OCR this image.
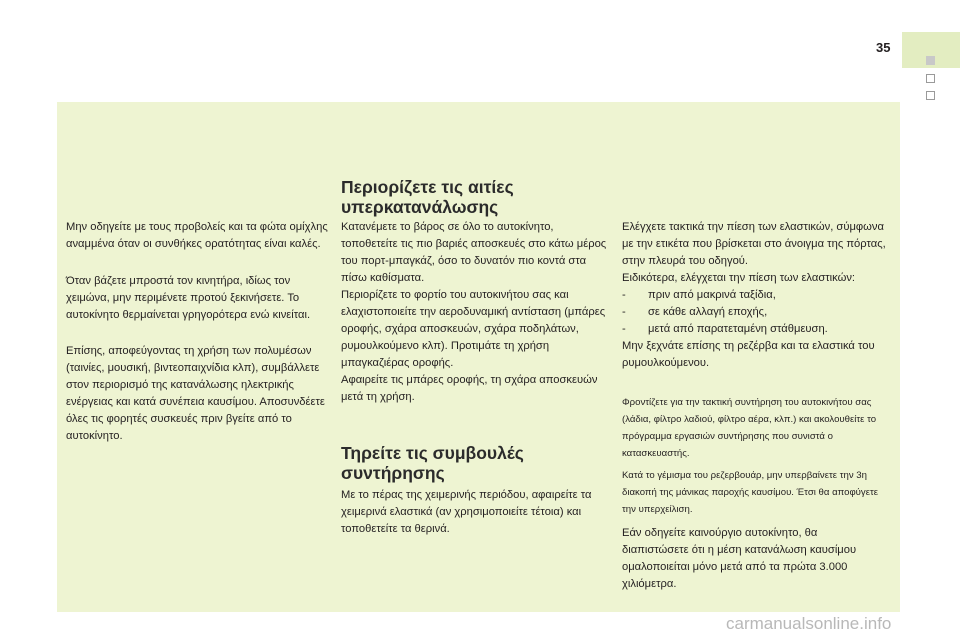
35

Μην οδηγείτε με τους προβολείς και τα φώτα ομίχλης αναμμένα όταν οι συνθήκες ορατότητας είναι καλές.

Όταν βάζετε μπροστά τον κινητήρα, ιδίως τον χειμώνα, μην περιμένετε προτού ξεκινήσετε. Το αυτοκίνητο θερμαίνεται γρηγορότερα ενώ κινείται.

Επίσης, αποφεύγοντας τη χρήση των πολυμέσων (ταινίες, μουσική, βιντεοπαιχνίδια κλπ), συμβάλλετε στον περιορισμό της κατανάλωσης ηλεκτρικής ενέργειας και κατά συνέπεια καυσίμου. Αποσυνδέετε όλες τις φορητές συσκευές πριν βγείτε από το αυτοκίνητο.

Περιορίζετε τις αιτίες
υπερκατανάλωσης

Κατανέμετε το βάρος σε όλο το αυτοκίνητο, τοποθετείτε τις πιο βαριές αποσκευές στο κάτω μέρος του πορτ-μπαγκάζ, όσο το δυνατόν πιο κοντά στα πίσω καθίσματα.

Περιορίζετε το φορτίο του αυτοκινήτου σας και ελαχιστοποιείτε την αεροδυναμική αντίσταση (μπάρες οροφής, σχάρα αποσκευών, σχάρα ποδηλάτων, ρυμουλκούμενο κλπ). Προτιμάτε τη χρήση μπαγκαζιέρας οροφής.

Αφαιρείτε τις μπάρες οροφής, τη σχάρα αποσκευών μετά τη χρήση.

Τηρείτε τις συμβουλές
συντήρησης

Με το πέρας της χειμερινής περιόδου, αφαιρείτε τα χειμερινά ελαστικά (αν χρησιμοποιείτε τέτοια) και τοποθετείτε τα θερινά.

Ελέγχετε τακτικά την πίεση των ελαστικών, σύμφωνα με την ετικέτα που βρίσκεται στο άνοιγμα της πόρτας, στην πλευρά του οδηγού.

Ειδικότερα, ελέγχεται την πίεση των ελαστικών:

-	πριν από μακρινά ταξίδια,
-	σε κάθε αλλαγή εποχής,
-	μετά από παρατεταμένη στάθμευση.

Μην ξεχνάτε επίσης τη ρεζέρβα και τα ελαστικά του ρυμουλκούμενου.

Φροντίζετε για την τακτική συντήρηση του αυτοκινήτου σας (λάδια, φίλτρο λαδιού, φίλτρο αέρα, κλπ.) και ακολουθείτε το πρόγραμμα εργασιών συντήρησης που συνιστά ο κατασκευαστής.

Κατά το γέμισμα του ρεζερβουάρ, μην υπερβαίνετε την 3η διακοπή της μάνικας παροχής καυσίμου. Έτσι θα αποφύγετε την υπερχείλιση.

Εάν οδηγείτε καινούργιο αυτοκίνητο, θα διαπιστώσετε ότι η μέση κατανάλωση καυσίμου ομαλοποιείται μόνο μετά από τα πρώτα 3.000 χιλιόμετρα.

carmanualsonline.info
